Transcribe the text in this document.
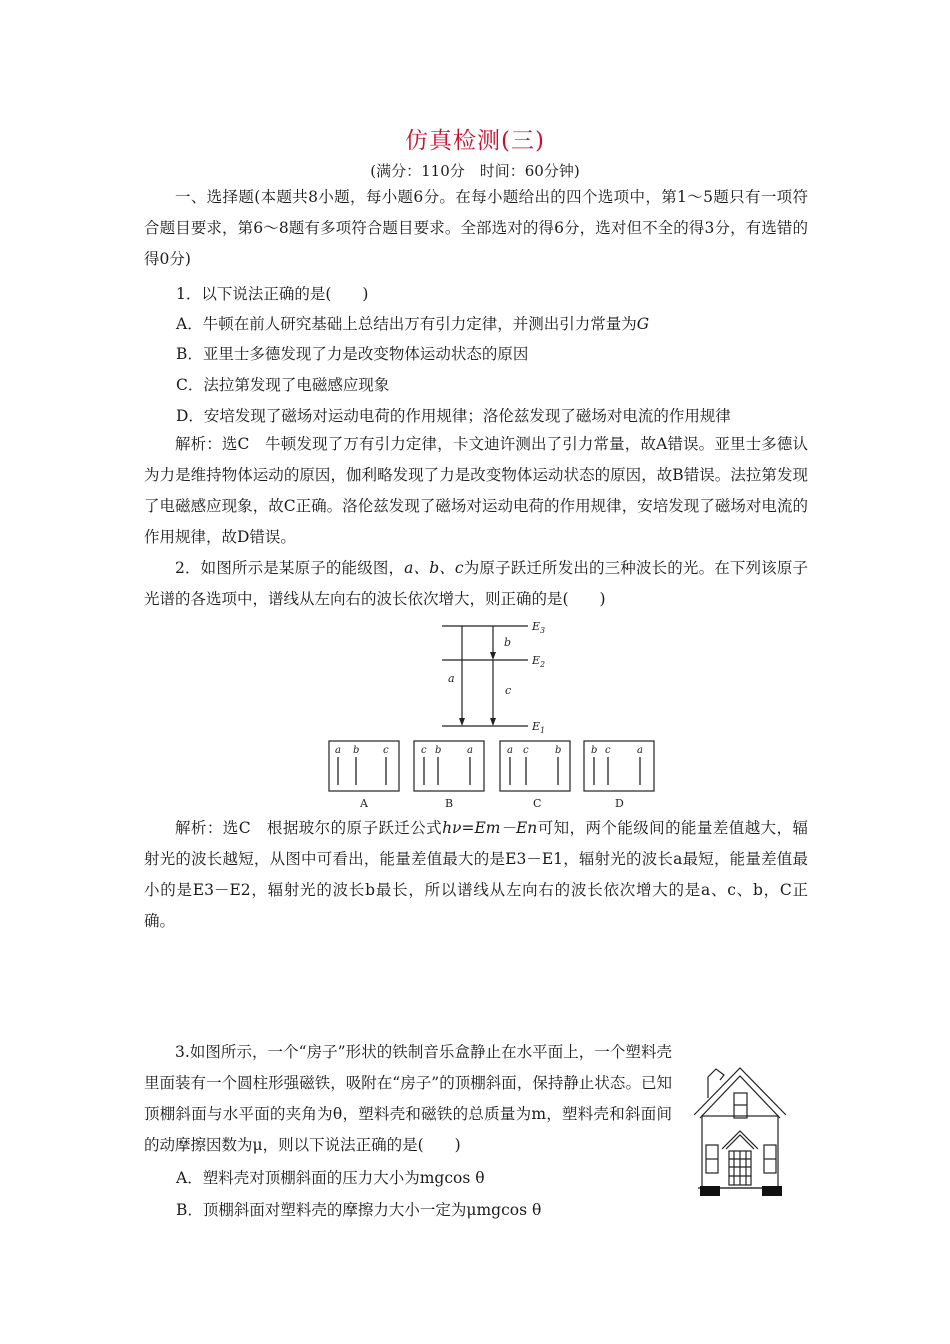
仿真检测(三)
(满分：110分　时间：60分钟)

一、选择题(本题共8小题，每小题6分。在每小题给出的四个选项中，第1～5题只有一项符合题目要求，第6～8题有多项符合题目要求。全部选对的得6分，选对但不全的得3分，有选错的得0分)

1．以下说法正确的是(　　)
A．牛顿在前人研究基础上总结出万有引力定律，并测出引力常量为G
B．亚里士多德发现了力是改变物体运动状态的原因
C．法拉第发现了电磁感应现象
D．安培发现了磁场对运动电荷的作用规律；洛伦兹发现了磁场对电流的作用规律

解析：选C　牛顿发现了万有引力定律，卡文迪许测出了引力常量，故A错误。亚里士多德认为力是维持物体运动的原因，伽利略发现了力是改变物体运动状态的原因，故B错误。法拉第发现了电磁感应现象，故C正确。洛伦兹发现了磁场对运动电荷的作用规律，安培发现了磁场对电流的作用规律，故D错误。

2．如图所示是某原子的能级图，a、b、c为原子跃迁所发出的三种波长的光。在下列该原子光谱的各选项中，谱线从左向右的波长依次增大，则正确的是(　　)

$E_3$
$E_2$
$E_1$
a
b
c
a b c
A
c b	a
B
a c	b
C
b c	a
D

解析：选C　根据玻尔的原子跃迁公式hν=Em－En可知，两个能级间的能量差值越大，辐射光的波长越短，从图中可看出，能量差值最大的是E3－E1，辐射光的波长a最短，能量差值最小的是E3－E2，辐射光的波长b最长，所以谱线从左向右的波长依次增大的是a、c、b，C正确。

3.如图所示，一个“房子”形状的铁制音乐盒静止在水平面上，一个塑料壳里面装有一个圆柱形强磁铁，吸附在“房子”的顶棚斜面，保持静止状态。已知顶棚斜面与水平面的夹角为θ，塑料壳和磁铁的总质量为m，塑料壳和斜面间的动摩擦因数为μ，则以下说法正确的是(　　)

A．塑料壳对顶棚斜面的压力大小为mgcos θ
B．顶棚斜面对塑料壳的摩擦力大小一定为μmgcos θ
